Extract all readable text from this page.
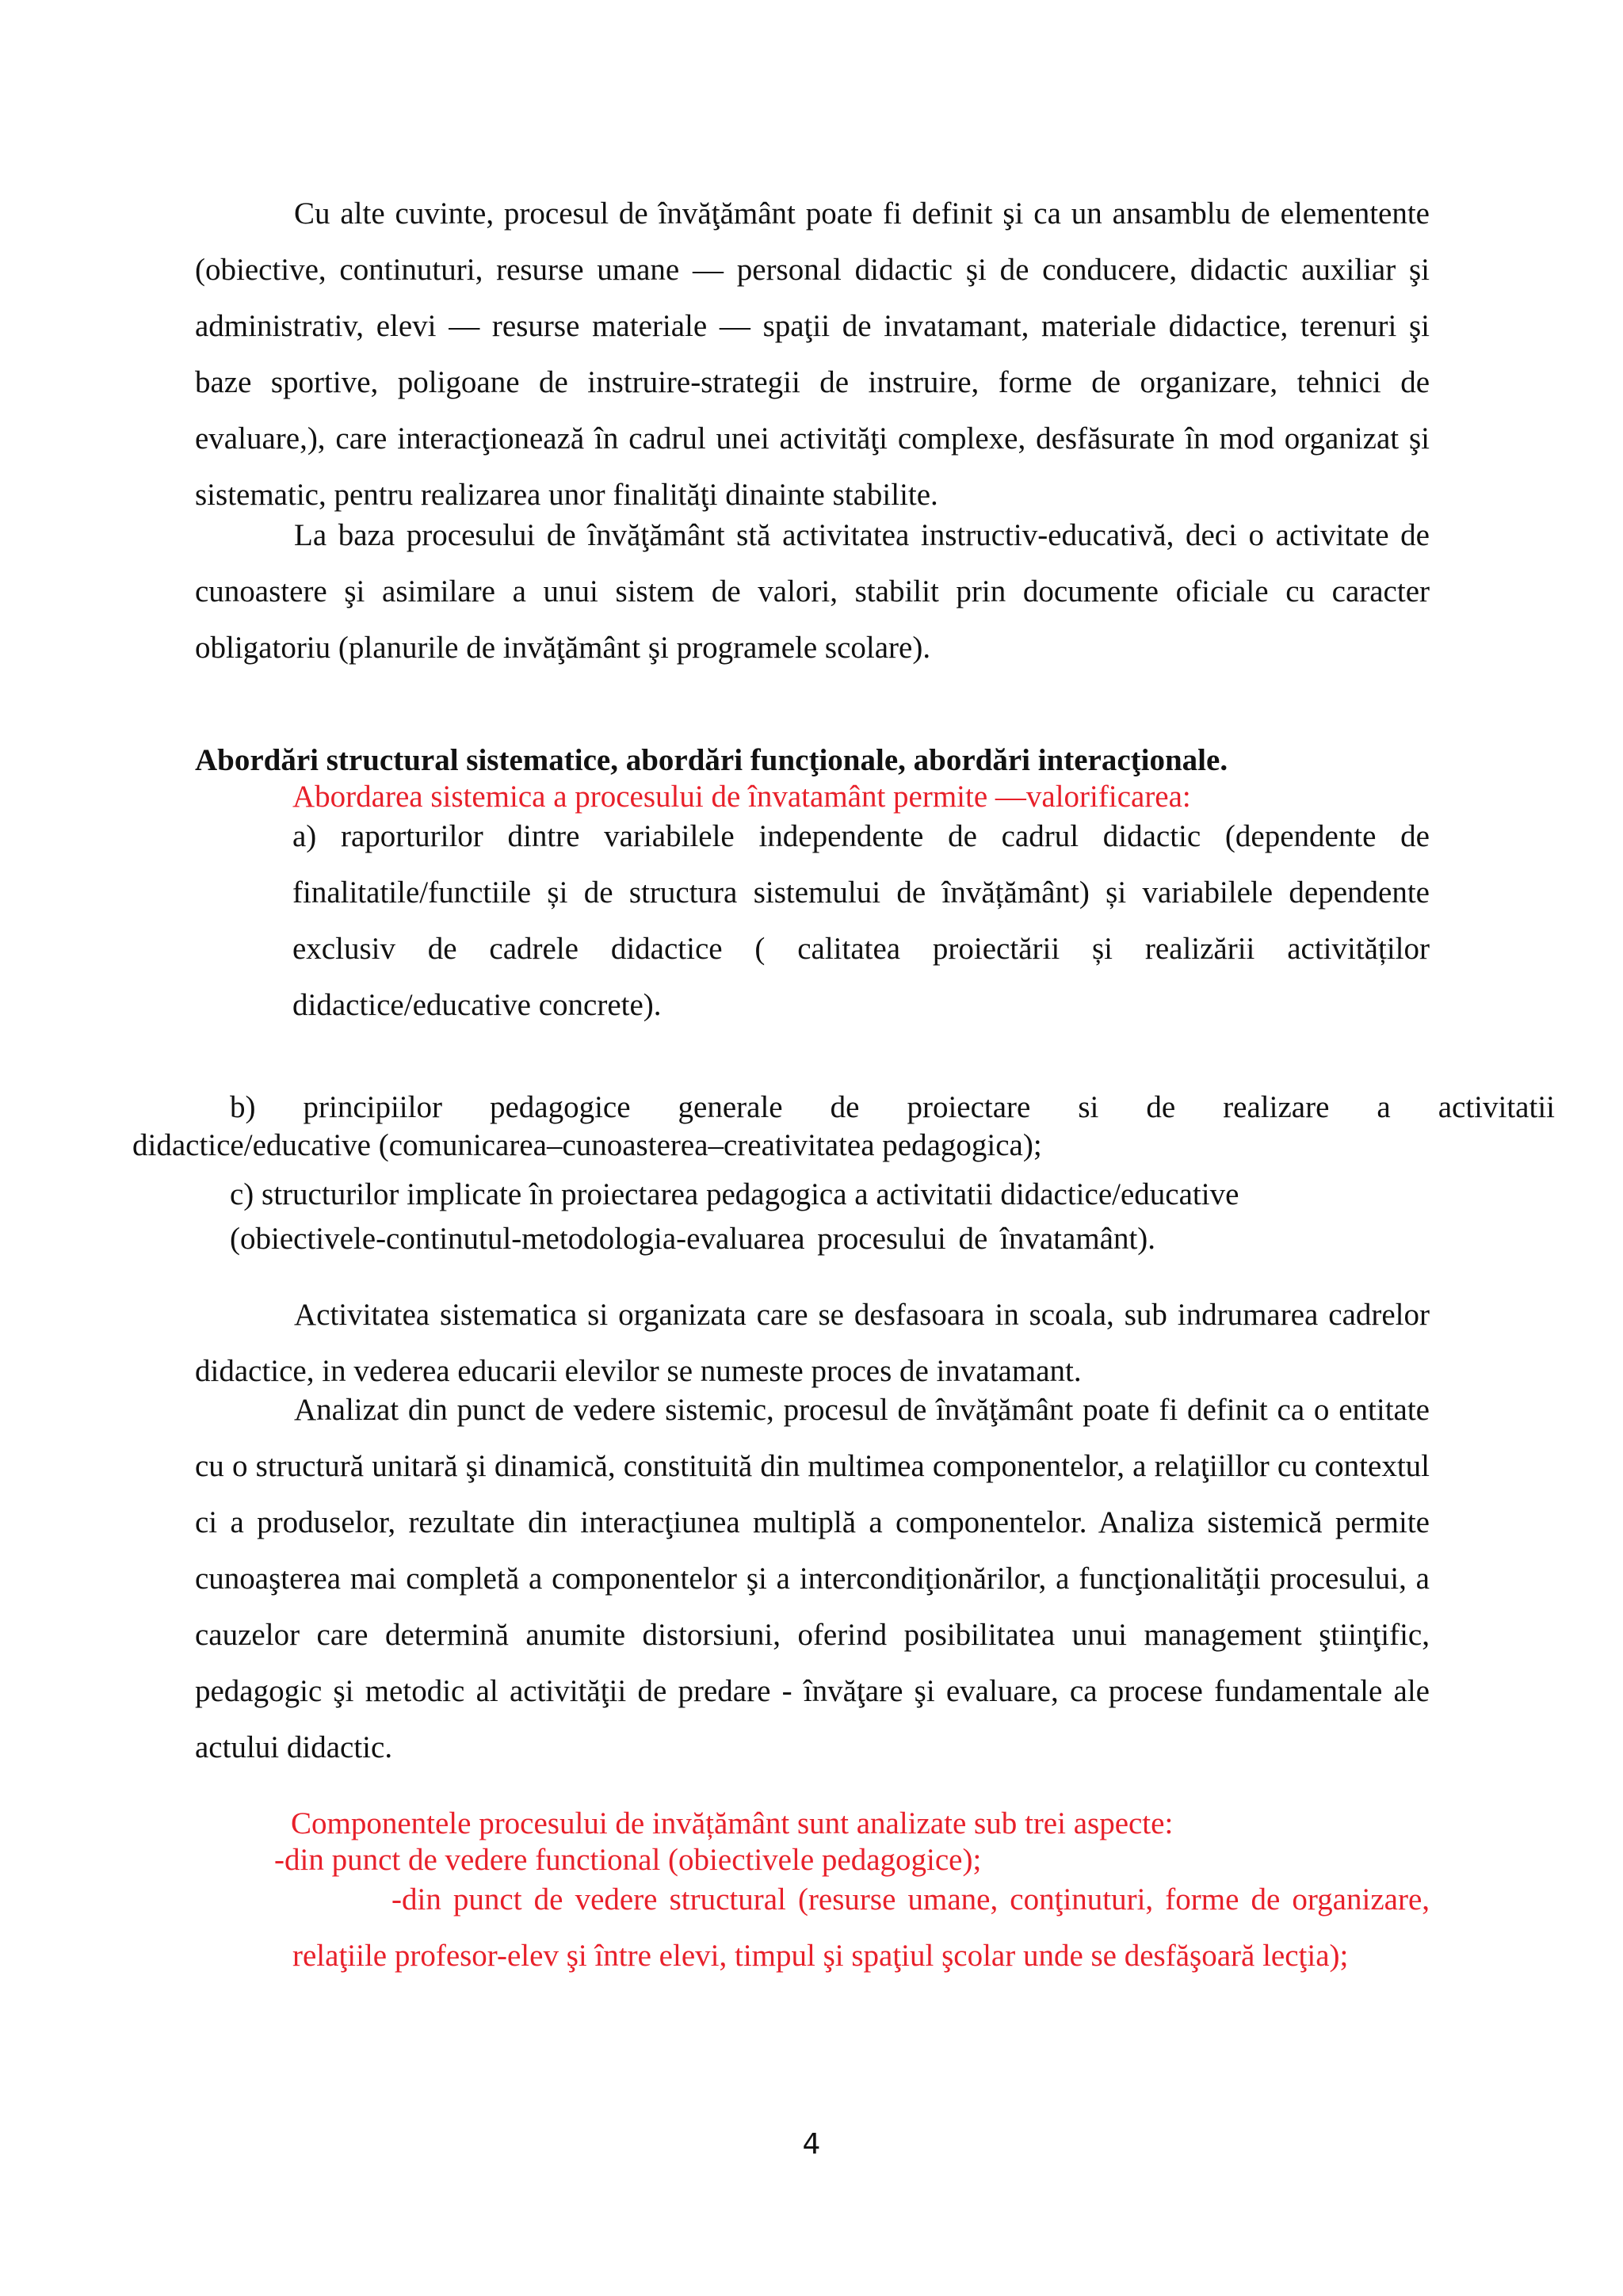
Cu alte cuvinte, procesul de învăţământ poate fi definit şi ca un ansamblu de elementente (obiective, continuturi, resurse umane — personal didactic şi de conducere, didactic auxiliar şi administrativ, elevi — resurse materiale — spaţii de invatamant, materiale didactice, terenuri şi baze sportive, poligoane de instruire-strategii de instruire, forme de organizare, tehnici de evaluare,), care interacţionează în cadrul unei activităţi complexe, desfăsurate în mod organizat şi sistematic, pentru realizarea unor finalităţi dinainte stabilite.

La baza procesului de învăţământ stă activitatea instructiv-educativă, deci o activitate de cunoastere şi asimilare a unui sistem de valori, stabilit prin documente oficiale cu caracter obligatoriu (planurile de invăţământ şi programele scolare).

Abordări structural sistematice, abordări funcţionale, abordări interacţionale.

Abordarea sistemica a procesului de învatamânt permite ―valorificarea:

a) raporturilor dintre variabilele independente de cadrul didactic (dependente de finalitatile/functiile și de structura sistemului de învățământ) și variabilele dependente exclusiv de cadrele didactice ( calitatea proiectării și realizării activităților didactice/educative concrete).

b) principiilor pedagogice generale de proiectare si de realizare a activitatii

didactice/educative (comunicarea–cunoasterea–creativitatea pedagogica);

c) structurilor implicate în proiectarea pedagogica a activitatii didactice/educative

(obiectivele-continutul-metodologia-evaluarea procesului de învatamânt).

Activitatea sistematica si organizata care se desfasoara in scoala, sub indrumarea cadrelor didactice, in vederea educarii elevilor se numeste proces de invatamant.

Analizat din punct de vedere sistemic, procesul de învăţământ poate fi definit ca o entitate cu o structură unitară şi dinamică, constituită din multimea componentelor, a relaţiillor cu contextul ci a produselor, rezultate din interacţiunea multiplă a componentelor. Analiza sistemică permite cunoaşterea mai completă a componentelor şi a intercondiţionărilor, a funcţionalităţii procesului, a cauzelor care determină anumite distorsiuni, oferind posibilitatea unui management ştiinţific, pedagogic şi metodic al activităţii de predare - învăţare şi evaluare, ca procese fundamentale ale actului didactic.

Componentele procesului de invățământ sunt analizate sub trei aspecte:

-din punct de vedere functional (obiectivele pedagogice);

-din punct de vedere structural (resurse umane, conţinuturi, forme de organizare, relaţiile profesor-elev şi între elevi, timpul şi spaţiul şcolar unde se desfăşoară lecţia);

4
